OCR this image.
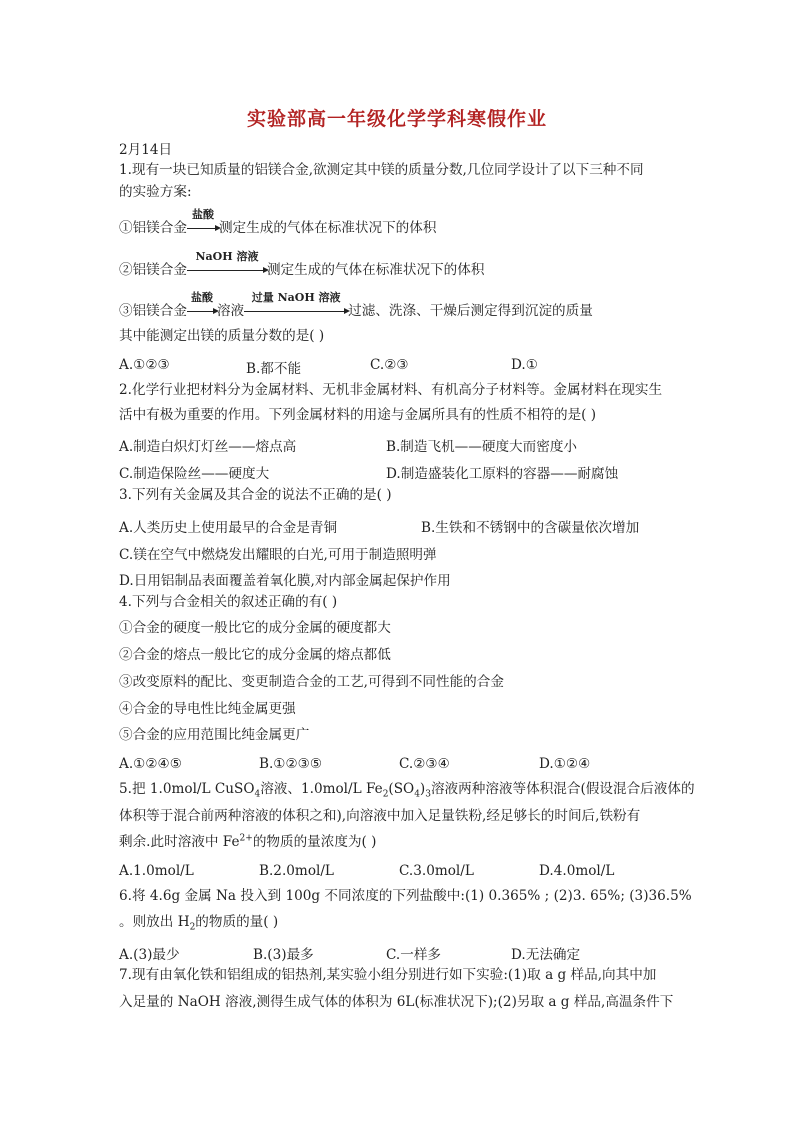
实验部高一年级化学学科寒假作业
2月14日
1.现有一块已知质量的铝镁合金,欲测定其中镁的质量分数,几位同学设计了以下三种不同
的实验方案:
①铝镁合金
盐酸
测定生成的气体在标准状况下的体积
②铝镁合金
NaOH 溶液
测定生成的气体在标准状况下的体积
③铝镁合金
盐酸
溶液
过量 NaOH 溶液
过滤、洗涤、干燥后测定得到沉淀的质量
其中能测定出镁的质量分数的是( )
A.①②③	B.都不能	C.②③	D.①
2.化学行业把材料分为金属材料、无机非金属材料、有机高分子材料等。金属材料在现实生
活中有极为重要的作用。下列金属材料的用途与金属所具有的性质不相符的是( )
A.制造白炽灯灯丝——熔点高	B.制造飞机——硬度大而密度小
C.制造保险丝——硬度大	D.制造盛装化工原料的容器——耐腐蚀
3.下列有关金属及其合金的说法不正确的是( )
A.人类历史上使用最早的合金是青铜	B.生铁和不锈钢中的含碳量依次增加
C.镁在空气中燃烧发出耀眼的白光,可用于制造照明弹
D.日用铝制品表面覆盖着氧化膜,对内部金属起保护作用
4.下列与合金相关的叙述正确的有( )
①合金的硬度一般比它的成分金属的硬度都大
②合金的熔点一般比它的成分金属的熔点都低
③改变原料的配比、变更制造合金的工艺,可得到不同性能的合金
④合金的导电性比纯金属更强
⑤合金的应用范围比纯金属更广
A.①②④⑤	B.①②③⑤	C.②③④	D.①②④
5.把 1.0mol/L CuSO$_4$溶液、1.0mol/L $Fe_2(SO_4)_3$溶液两种溶液等体积混合(假设混合后液体的
体积等于混合前两种溶液的体积之和),向溶液中加入足量铁粉,经足够长的时间后,铁粉有
剩余.此时溶液中 $Fe^{2+}$的物质的量浓度为( )
A.1.0mol/L	B.2.0mol/L	C.3.0mol/L	D.4.0mol/L
6.将 4.6g 金属 Na 投入到 100g 不同浓度的下列盐酸中:(1) 0.365% ; (2)3. 65%; (3)36.5%
。则放出 $H_2$的物质的量( )
A.(3)最少	B.(3)最多	C.一样多	D.无法确定
7.现有由氧化铁和铝组成的铝热剂,某实验小组分别进行如下实验:(1)取 a g 样品,向其中加
入足量的 NaOH 溶液,测得生成气体的体积为 6L(标准状况下);(2)另取 a g 样品,高温条件下
